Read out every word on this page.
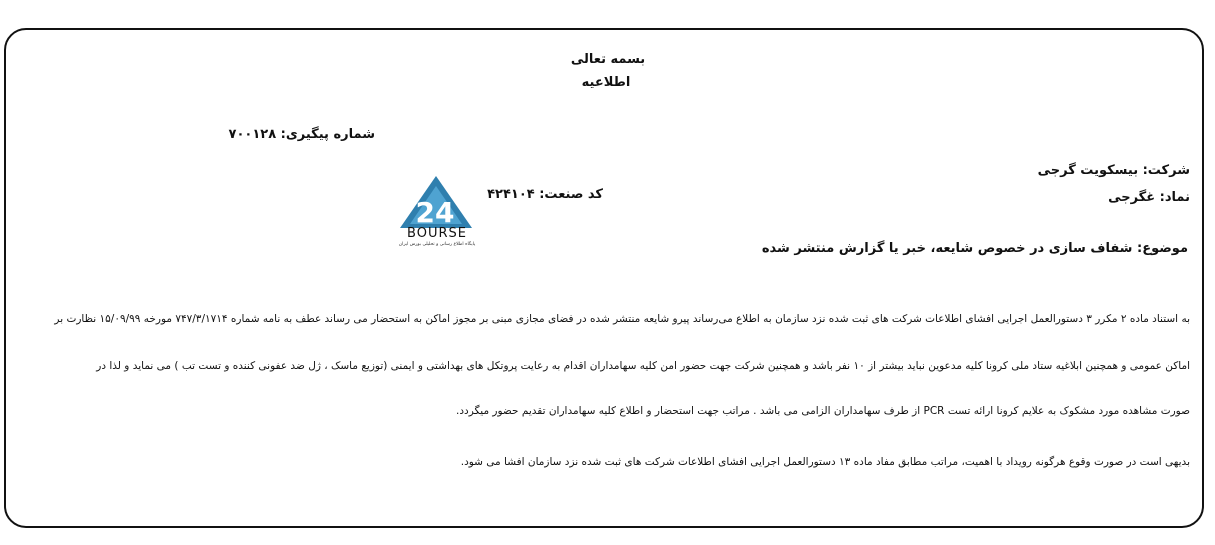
بسمه تعالی
اطلاعیه
شماره پیگیری: ۷۰۰۱۲۸
شرکت: بیسکویت گرجی
نماد: غگرجی
کد صنعت: ۴۲۴۱۰۴
24
BOURSE
پایگاه اطلاع رسانی و تحلیلی بورس ایران	موضوع: شفاف سازی در خصوص شایعه، خبر یا گزارش منتشر شده
به استناد ماده ۲ مکرر ۳ دستورالعمل اجرایی افشای اطلاعات شرکت های ثبت شده نزد سازمان به اطلاع می‌رساند پیرو شایعه منتشر شده در فضای مجازی مبنی بر مجوز اماکن به استحضار می رساند عطف به نامه شماره ۷۴۷/۳/۱۷۱۴ مورخه ۱۵/۰۹/۹۹ نظارت بر
اماکن عمومی و همچنین ابلاغیه ستاد ملی کرونا کلیه مدعوین نباید بیشتر از ۱۰ نفر باشد و همچنین شرکت جهت حضور امن کلیه سهامداران اقدام به رعایت پروتکل های بهداشتی و ایمنی (توزیع ماسک ، ژل ضد عفونی کننده و تست تب ) می نماید و لذا در
صورت مشاهده مورد مشکوک به علایم کرونا ارائه تست PCR از طرف سهامداران الزامی می باشد . مراتب جهت استحضار و اطلاع کلیه سهامداران تقدیم حضور میگردد.
بدیهی است در صورت وقوع هرگونه رویداد با اهمیت، مراتب مطابق مفاد ماده ۱۳ دستورالعمل اجرایی افشای اطلاعات شرکت های ثبت شده نزد سازمان افشا می شود.
